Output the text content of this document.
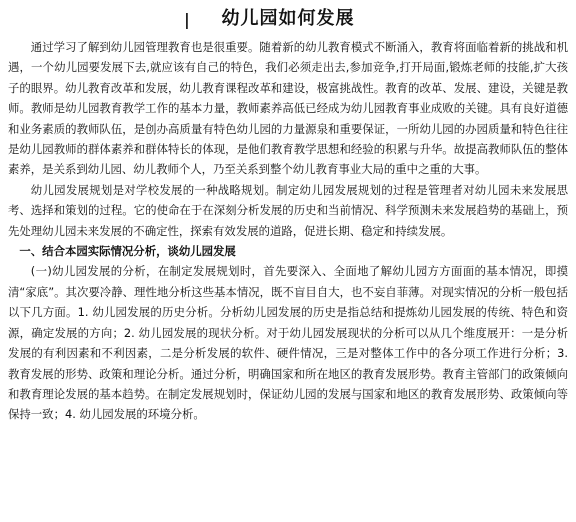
|	幼儿园如何发展

通过学习了解到幼儿园管理教育也是很重要。随着新的幼儿教育模式不断涌入，教育将面临着新的挑战和机遇，一个幼儿园要发展下去,就应该有自己的特色，我们必须走出去,参加竞争,打开局面,锻炼老师的技能,扩大孩子的眼界。幼儿教育改革和发展，幼儿教育课程改革和建设，极富挑战性。教育的改革、发展、建设，关键是教师。教师是幼儿园教育教学工作的基本力量，教师素养高低已经成为幼儿园教育事业成败的关键。具有良好道德和业务素质的教师队伍，是创办高质量有特色幼儿园的力量源泉和重要保证，一所幼儿园的办园质量和特色往往是幼儿园教师的群体素养和群体特长的体现，是他们教育教学思想和经验的积累与升华。故提高教师队伍的整体素养，是关系到幼儿园、幼儿教师个人，乃至关系到整个幼儿教育事业大局的重中之重的大事。

幼儿园发展规划是对学校发展的一种战略规划。制定幼儿园发展规划的过程是管理者对幼儿园未来发展思考、选择和策划的过程。它的使命在于在深刻分析发展的历史和当前情况、科学预测未来发展趋势的基础上，预先处理幼儿园未来发展的不确定性，探索有效发展的道路，促进长期、稳定和持续发展。

一、结合本园实际情况分析，谈幼儿园发展

(一)幼儿园发展的分析，在制定发展规划时，首先要深入、全面地了解幼儿园方方面面的基本情况，即摸清“家底”。其次要冷静、理性地分析这些基本情况，既不盲目自大，也不妄自菲薄。对现实情况的分析一般包括以下几方面。1. 幼儿园发展的历史分析。分析幼儿园发展的历史是指总结和提炼幼儿园发展的传统、特色和资源，确定发展的方向；2. 幼儿园发展的现状分析。对于幼儿园发展现状的分析可以从几个维度展开：一是分析发展的有利因素和不利因素，二是分析发展的软件、硬件情况，三是对整体工作中的各分项工作进行分析；3. 教育发展的形势、政策和理论分析。通过分析，明确国家和所在地区的教育发展形势。教育主管部门的政策倾向和教育理论发展的基本趋势。在制定发展规划时，保证幼儿园的发展与国家和地区的教育发展形势、政策倾向等保持一致；4. 幼儿园发展的环境分析。
